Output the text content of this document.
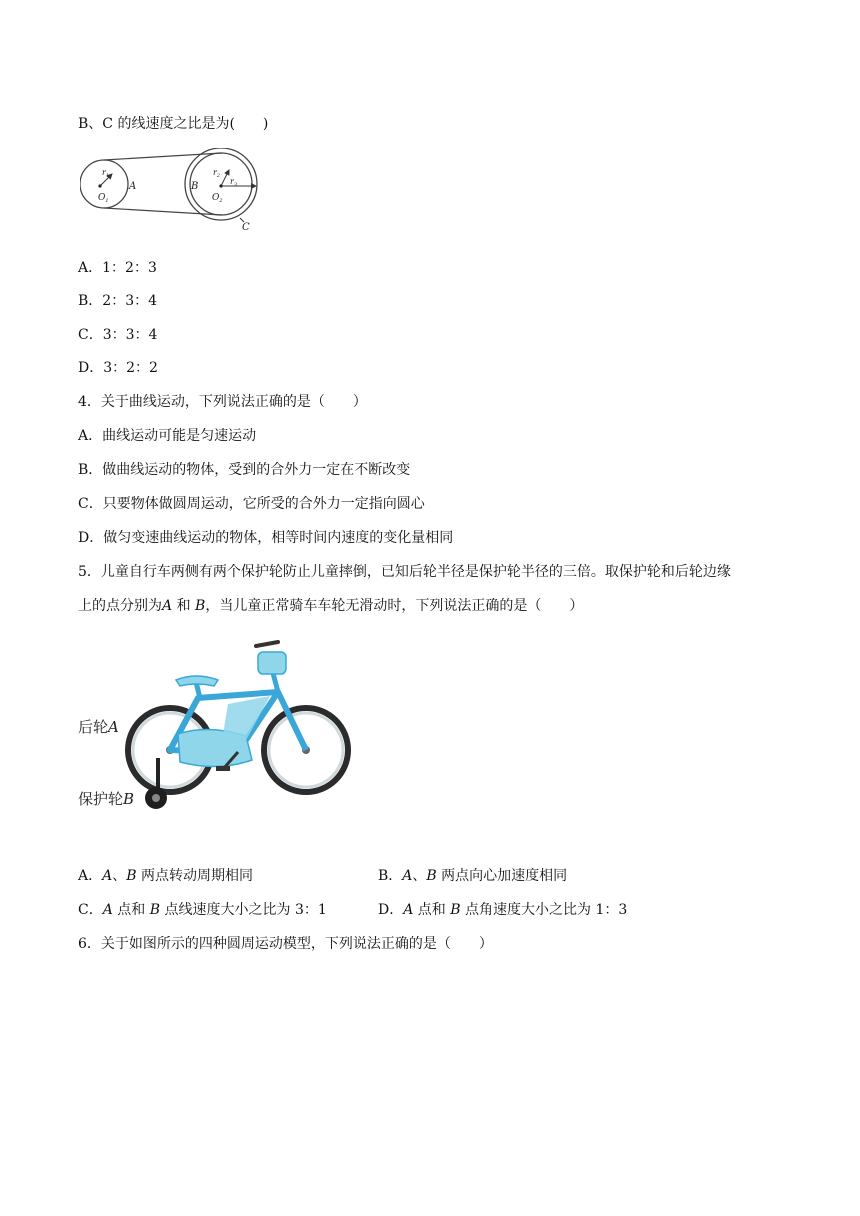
B、C 的线速度之比是为(　　)
$r_1$
A
$O_1$
B
$r_2$
$r_3$
$O_2$
C
A．1：2：3
B．2：3：4
C．3：3：4
D．3：2：2
4．关于曲线运动，下列说法正确的是（　　）
A．曲线运动可能是匀速运动
B．做曲线运动的物体，受到的合外力一定在不断改变
C．只要物体做圆周运动，它所受的合外力一定指向圆心
D．做匀变速曲线运动的物体，相等时间内速度的变化量相同
5．儿童自行车两侧有两个保护轮防止儿童摔倒，已知后轮半径是保护轮半径的三倍。取保护轮和后轮边缘
上的点分别为A 和 B，当儿童正常骑车车轮无滑动时，下列说法正确的是（　　）
后轮A
保护轮B
A．A、B 两点转动周期相同	B．A、B 两点向心加速度相同
C．A 点和 B 点线速度大小之比为 3：1	D．A 点和 B 点角速度大小之比为 1：3
6．关于如图所示的四种圆周运动模型，下列说法正确的是（　　）
